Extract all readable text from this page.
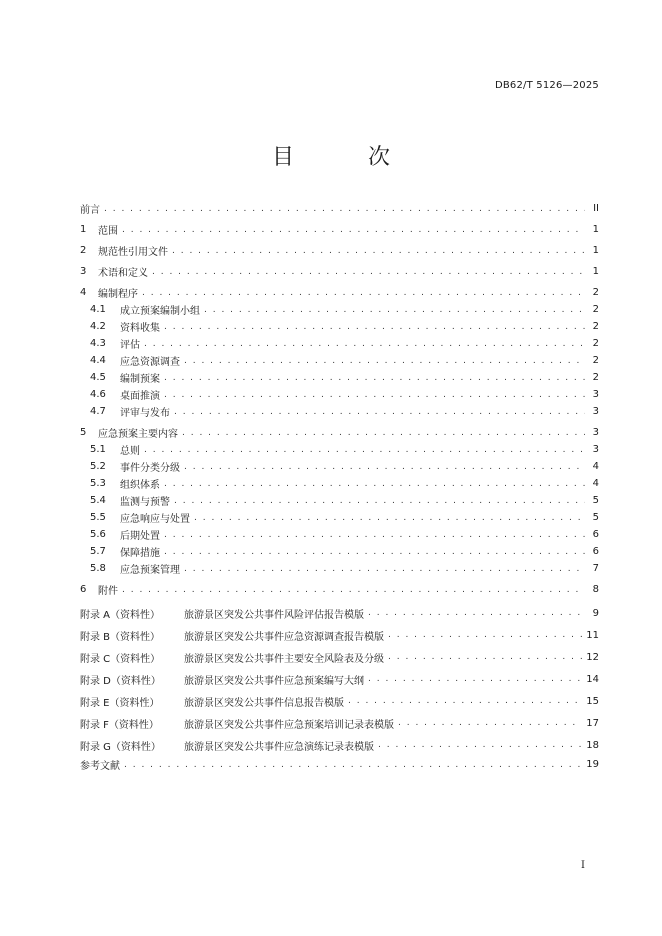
DB62/T 5126—2025
目　次
前言 . . .	II
1	范围 . . .	1
2	规范性引用文件 . . .	1
3	术语和定义 . . .	1
4	编制程序 . . .	2
4.1	成立预案编制小组 . . .	2
4.2	资料收集 . . .	2
4.3	评估 . . .	2
4.4	应急资源调查 . . .	2
4.5	编制预案 . . .	2
4.6	桌面推演 . . .	3
4.7	评审与发布 . . .	3
5	应急预案主要内容 . . .	3
5.1	总则 . . .	3
5.2	事件分类分级 . . .	4
5.3	组织体系 . . .	4
5.4	监测与预警 . . .	5
5.5	应急响应与处置 . . .	5
5.6	后期处置 . . .	6
5.7	保障措施 . . .	6
5.8	应急预案管理 . . .	7
6	附件 . . .	8
附录 A（资料性）	旅游景区突发公共事件风险评估报告模版 . . .	9
附录 B（资料性）	旅游景区突发公共事件应急资源调查报告模版 . . .	11
附录 C（资料性）	旅游景区突发公共事件主要安全风险表及分级 . . .	12
附录 D（资料性）	旅游景区突发公共事件应急预案编写大纲 . . .	14
附录 E（资料性）	旅游景区突发公共事件信息报告模版 . . .	15
附录 F（资料性）	旅游景区突发公共事件应急预案培训记录表模版 . . .	17
附录 G（资料性）	旅游景区突发公共事件应急演练记录表模版 . . .	18
参考文献 . . .	19
I
